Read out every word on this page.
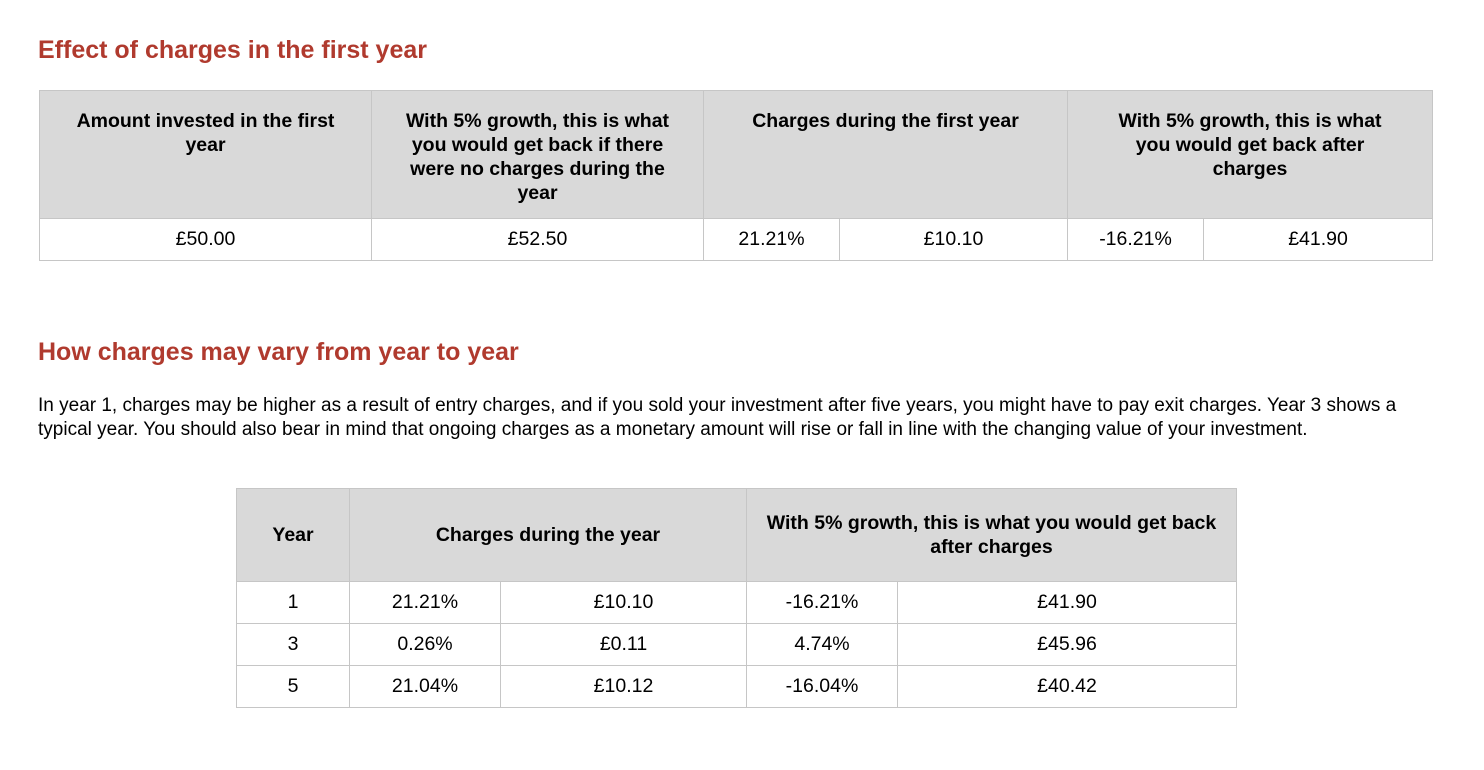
Effect of charges in the first year
Amount invested in the first year	With 5% growth, this is what you would get back if there were no charges during the year	Charges during the first year		With 5% growth, this is what you would get back after charges	
£50.00	£52.50	21.21%	£10.10	-16.21%	£41.90
How charges may vary from year to year

In year 1, charges may be higher as a result of entry charges, and if you sold your investment after five years, you might have to pay exit charges. Year 3 shows a typical year. You should also bear in mind that ongoing charges as a monetary amount will rise or fall in line with the changing value of your investment.

Year	Charges during the year		With 5% growth, this is what you would get back after charges	
1	21.21%	£10.10	-16.21%	£41.90
3	0.26%	£0.11	4.74%	£45.96
5	21.04%	£10.12	-16.04%	£40.42
